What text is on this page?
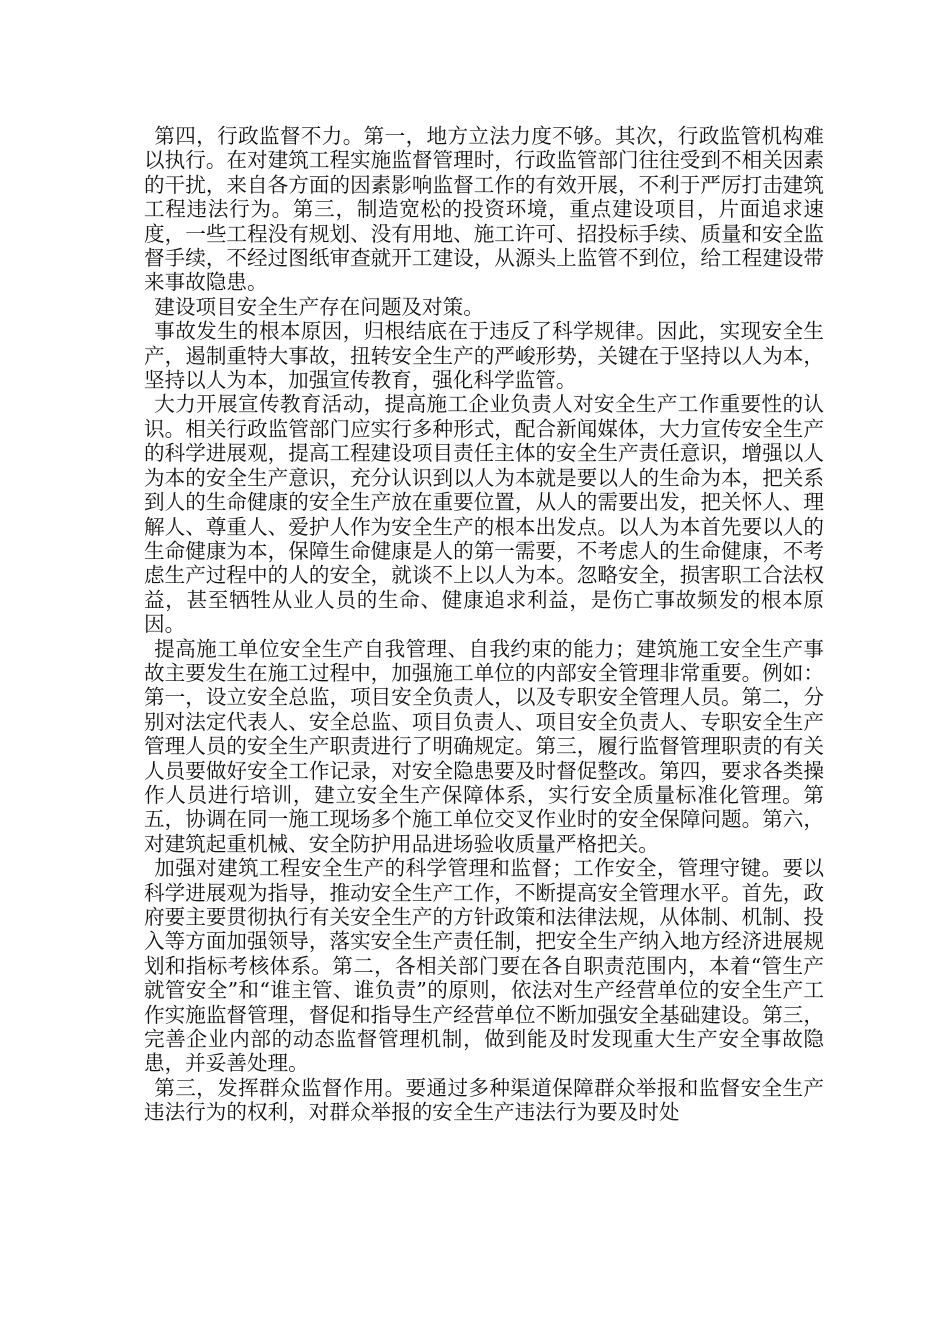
第四，行政监督不力。第一，地方立法力度不够。其次，行政监管机构难以执行。在对建筑工程实施监督管理时，行政监管部门往往受到不相关因素的干扰，来自各方面的因素影响监督工作的有效开展，不利于严厉打击建筑工程违法行为。第三，制造宽松的投资环境，重点建设项目，片面追求速度，一些工程没有规划、没有用地、施工许可、招投标手续、质量和安全监督手续，不经过图纸审查就开工建设，从源头上监管不到位，给工程建设带来事故隐患。

建设项目安全生产存在问题及对策。

事故发生的根本原因，归根结底在于违反了科学规律。因此，实现安全生产，遏制重特大事故，扭转安全生产的严峻形势，关键在于坚持以人为本，坚持以人为本，加强宣传教育，强化科学监管。

大力开展宣传教育活动，提高施工企业负责人对安全生产工作重要性的认识。相关行政监管部门应实行多种形式，配合新闻媒体，大力宣传安全生产的科学进展观，提高工程建设项目责任主体的安全生产责任意识，增强以人为本的安全生产意识，充分认识到以人为本就是要以人的生命为本，把关系到人的生命健康的安全生产放在重要位置，从人的需要出发，把关怀人、理解人、尊重人、爱护人作为安全生产的根本出发点。以人为本首先要以人的生命健康为本，保障生命健康是人的第一需要，不考虑人的生命健康，不考虑生产过程中的人的安全，就谈不上以人为本。忽略安全，损害职工合法权益，甚至牺牲从业人员的生命、健康追求利益，是伤亡事故频发的根本原因。

提高施工单位安全生产自我管理、自我约束的能力；建筑施工安全生产事故主要发生在施工过程中，加强施工单位的内部安全管理非常重要。例如：第一，设立安全总监，项目安全负责人，以及专职安全管理人员。第二，分别对法定代表人、安全总监、项目负责人、项目安全负责人、专职安全生产管理人员的安全生产职责进行了明确规定。第三，履行监督管理职责的有关人员要做好安全工作记录，对安全隐患要及时督促整改。第四，要求各类操作人员进行培训，建立安全生产保障体系，实行安全质量标准化管理。第五，协调在同一施工现场多个施工单位交叉作业时的安全保障问题。第六，对建筑起重机械、安全防护用品进场验收质量严格把关。

加强对建筑工程安全生产的科学管理和监督；工作安全，管理守键。要以科学进展观为指导，推动安全生产工作，不断提高安全管理水平。首先，政府要主要贯彻执行有关安全生产的方针政策和法律法规，从体制、机制、投入等方面加强领导，落实安全生产责任制，把安全生产纳入地方经济进展规划和指标考核体系。第二，各相关部门要在各自职责范围内，本着“管生产就管安全”和“谁主管、谁负责”的原则，依法对生产经营单位的安全生产工作实施监督管理，督促和指导生产经营单位不断加强安全基础建设。第三，完善企业内部的动态监督管理机制，做到能及时发现重大生产安全事故隐患，并妥善处理。

第三，发挥群众监督作用。要通过多种渠道保障群众举报和监督安全生产违法行为的权利，对群众举报的安全生产违法行为要及时处
